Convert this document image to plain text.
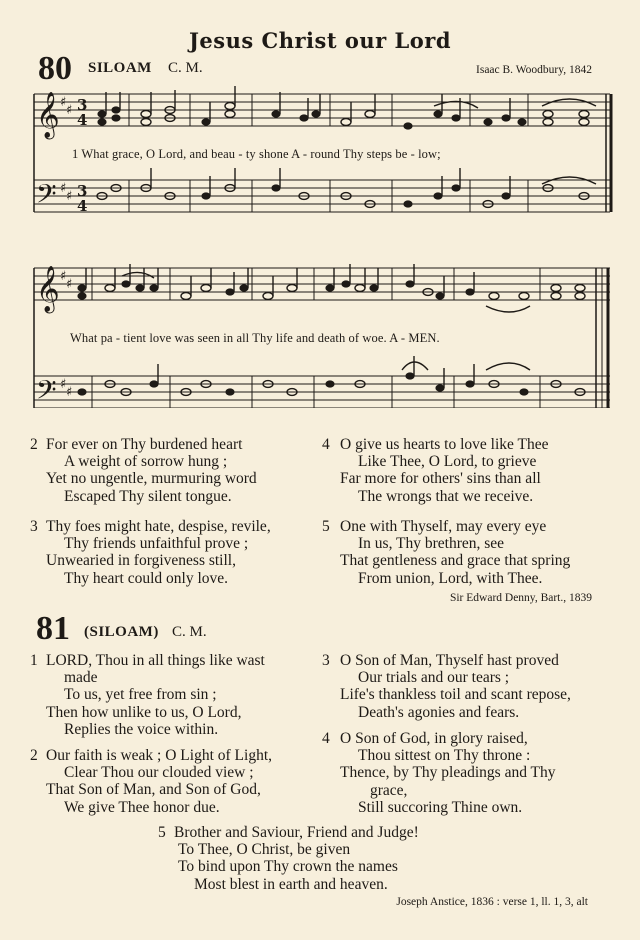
Jesus Christ our Lord
80 SILOAM C. M.	Isaac B. Woodbury, 1842
𝄞
𝄢
♯
♯
♯
♯
3
4
3
4
1 What grace, O Lord, and beau - ty shone A - round Thy steps be - low;
𝄞
𝄢
♯
♯
♯
♯
What pa - tient love was seen in all Thy life and death of woe. A - MEN.
2 For ever on Thy burdened heart
A weight of sorrow hung ;
Yet no ungentle, murmuring word
Escaped Thy silent tongue.
3 Thy foes might hate, despise, revile,
Thy friends unfaithful prove ;
Unwearied in forgiveness still,
Thy heart could only love.
4 O give us hearts to love like Thee
Like Thee, O Lord, to grieve
Far more for others' sins than all
The wrongs that we receive.
5 One with Thyself, may every eye
In us, Thy brethren, see
That gentleness and grace that spring
From union, Lord, with Thee.
Sir Edward Denny, Bart., 1839
81 (SILOAM) C. M.
1 LORD, Thou in all things like wast
made
To us, yet free from sin ;
Then how unlike to us, O Lord,
Replies the voice within.
2 Our faith is weak ; O Light of Light,
Clear Thou our clouded view ;
That Son of Man, and Son of God,
We give Thee honor due.
3 O Son of Man, Thyself hast proved
Our trials and our tears ;
Life's thankless toil and scant repose,
Death's agonies and fears.
4 O Son of God, in glory raised,
Thou sittest on Thy throne :
Thence, by Thy pleadings and Thy
grace,
Still succoring Thine own.
5 Brother and Saviour, Friend and Judge!
To Thee, O Christ, be given
To bind upon Thy crown the names
Most blest in earth and heaven.
Joseph Anstice, 1836 : verse 1, ll. 1, 3, alt
